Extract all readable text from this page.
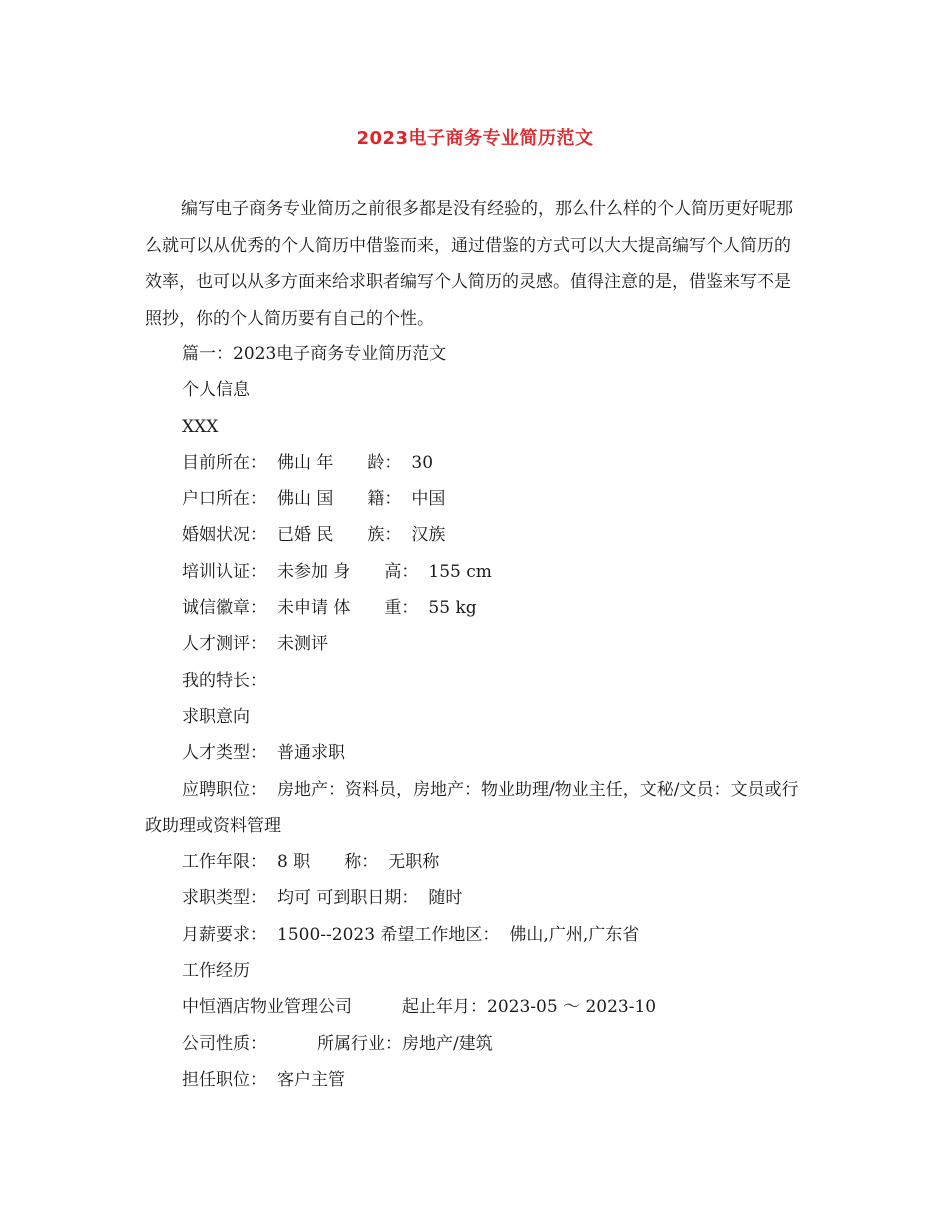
2023电子商务专业简历范文

编写电子商务专业简历之前很多都是没有经验的，那么什么样的个人简历更好呢那么就可以从优秀的个人简历中借鉴而来，通过借鉴的方式可以大大提高编写个人简历的效率，也可以从多方面来给求职者编写个人简历的灵感。值得注意的是，借鉴来写不是照抄，你的个人简历要有自己的个性。

篇一：2023电子商务专业简历范文
个人信息
XXX
目前所在： 佛山 年　　龄： 30
户口所在： 佛山 国　　籍： 中国
婚姻状况： 已婚 民　　族： 汉族
培训认证： 未参加 身　　高： 155 cm
诚信徽章： 未申请 体　　重： 55 kg
人才测评： 未测评
我的特长：
求职意向
人才类型： 普通求职
应聘职位： 房地产：资料员，房地产：物业助理/物业主任，文秘/文员：文员或行政助理或资料管理
工作年限： 8 职　　称： 无职称
求职类型： 均可 可到职日期： 随时
月薪要求： 1500--2023 希望工作地区： 佛山,广州,广东省
工作经历
中恒酒店物业管理公司	起止年月：2023-05 ～ 2023-10
公司性质：	所属行业：房地产/建筑
担任职位： 客户主管
